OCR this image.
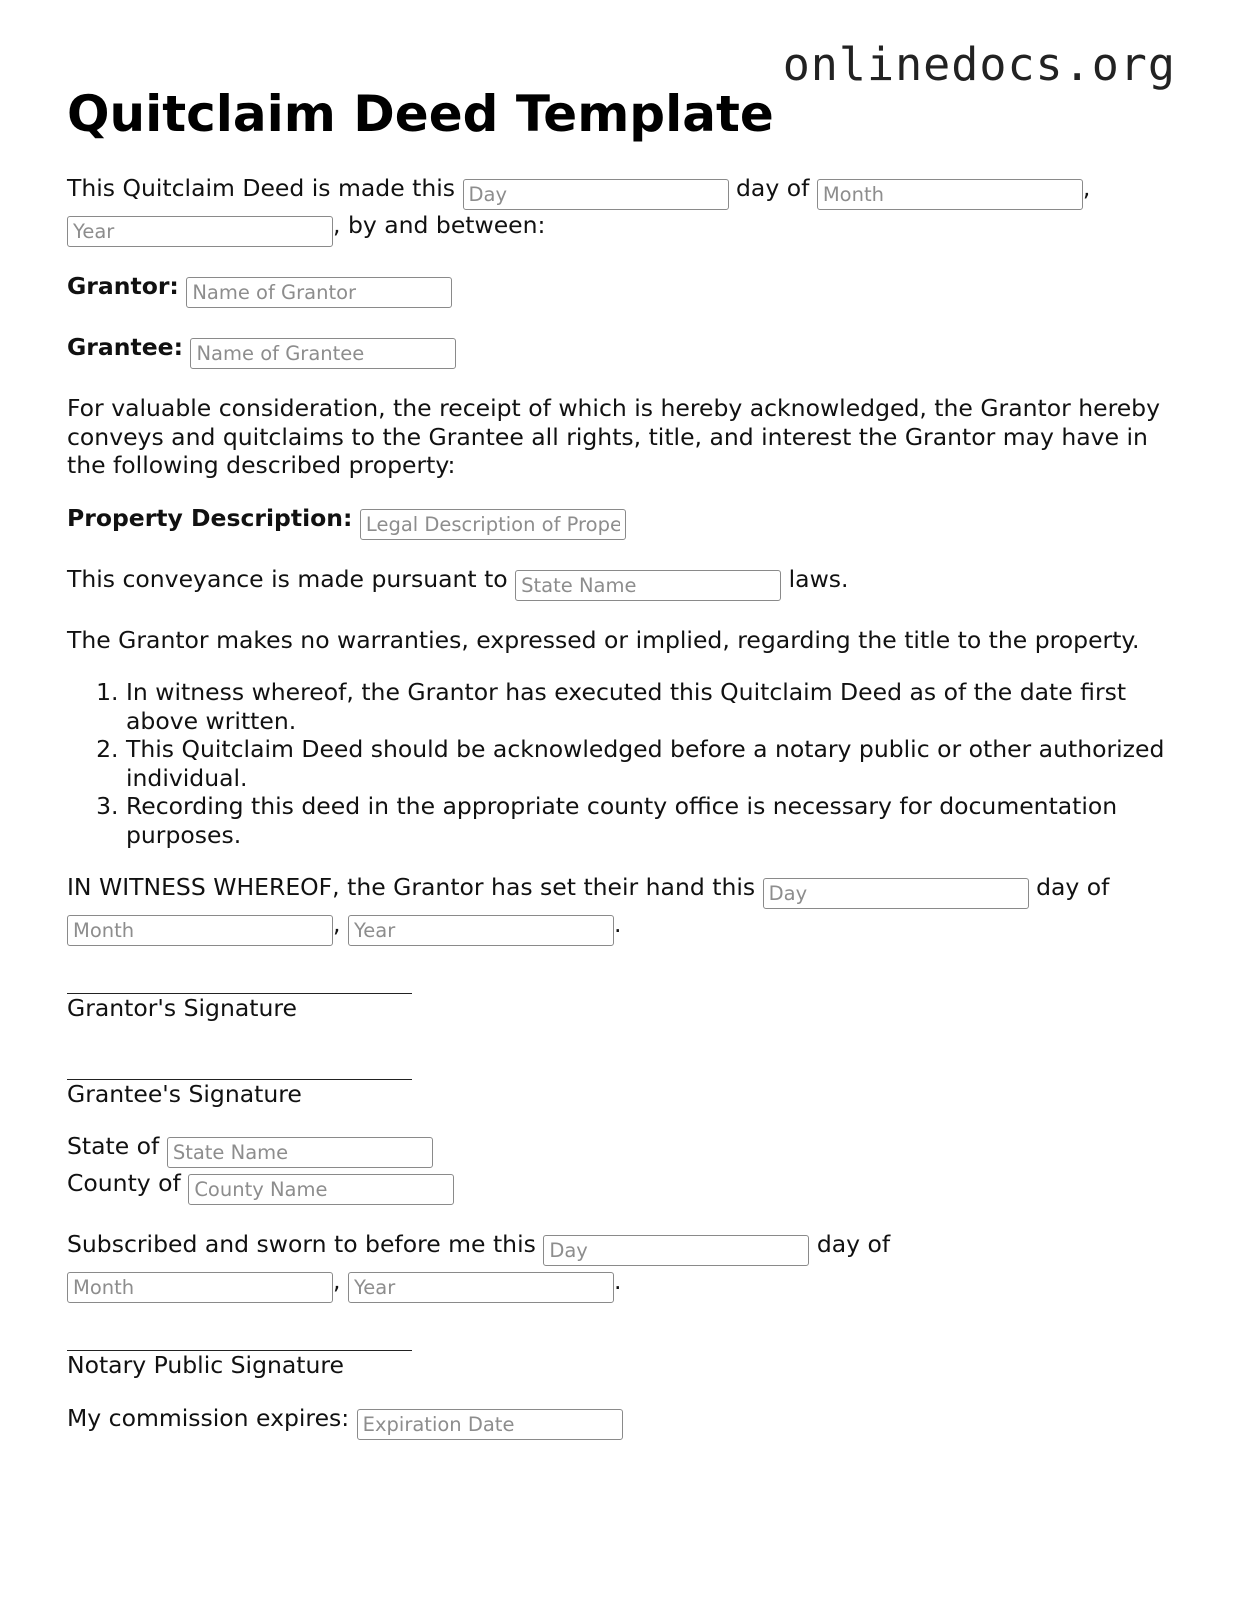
onlinedocs.org
Quitclaim Deed Template

This Quitclaim Deed is made this Day	day of Month	,
Year, by and between:

Grantor: Name of Grantor

Grantee: Name of Grantee

For valuable consideration, the receipt of which is hereby acknowledged, the Grantor hereby conveys and quitclaims to the Grantee all rights, title, and interest the Grantor may have in the following described property:

Property Description: Legal Description of Prope

This conveyance is made pursuant to State Name	laws.

The Grantor makes no warranties, expressed or implied, regarding the title to the property.

1. In witness whereof, the Grantor has executed this Quitclaim Deed as of the date first above written.
2. This Quitclaim Deed should be acknowledged before a notary public or other authorized individual.
3. Recording this deed in the appropriate county office is necessary for documentation purposes.

IN WITNESS WHEREOF, the Grantor has set their hand this Day	day of
Month, Year	.

Grantor's Signature
Grantee's Signature

State of State Name

County of County Name

Subscribed and sworn to before me this Day	day of
Month, Year	.

Notary Public Signature

My commission expires: Expiration Date
